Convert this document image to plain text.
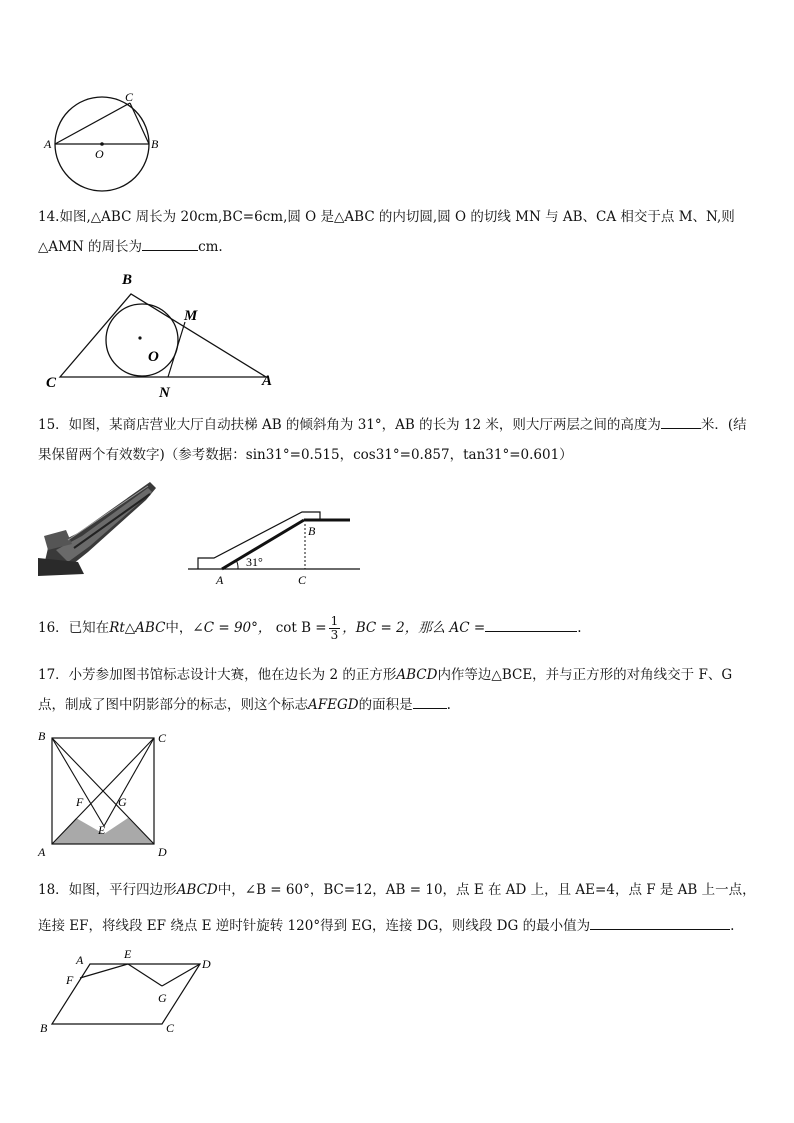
A	B
C
O
14.如图,△ABC 周长为 20cm,BC=6cm,圆 O 是△ABC 的内切圆,圆 O 的切线 MN 与 AB、CA 相交于点 M、N,则△AMN 的周长为	cm.
B
M
O
C
N
A
15．如图，某商店营业大厅自动扶梯 AB 的倾斜角为 31°，AB 的长为 12 米，则大厅两层之间的高度为	米．(结
果保留两个有效数字)（参考数据：sin31°=0.515，cos31°=0.857，tan31°=0.601）
B
31°
A	C
16．已知在Rt△ABC中，∠C = 90°， $\cot B = \frac{1}{3}$ ，BC = 2，那么 AC =	.
17．小芳参加图书馆标志设计大赛，他在边长为 2 的正方形ABCD内作等边△BCE，并与正方形的对角线交于 F、G
点，制成了图中阴影部分的标志，则这个标志AFEGD的面积是	.
B	C
F	G
E
A	D
18．如图，平行四边形ABCD中，∠B = 60°，BC=12，AB = 10，点 E 在 AD 上，且 AE=4，点 F 是 AB 上一点，
连接 EF，将线段 EF 绕点 E 逆时针旋转 120°得到 EG，连接 DG，则线段 DG 的最小值为	.
A	E
D
F
G
B	C
